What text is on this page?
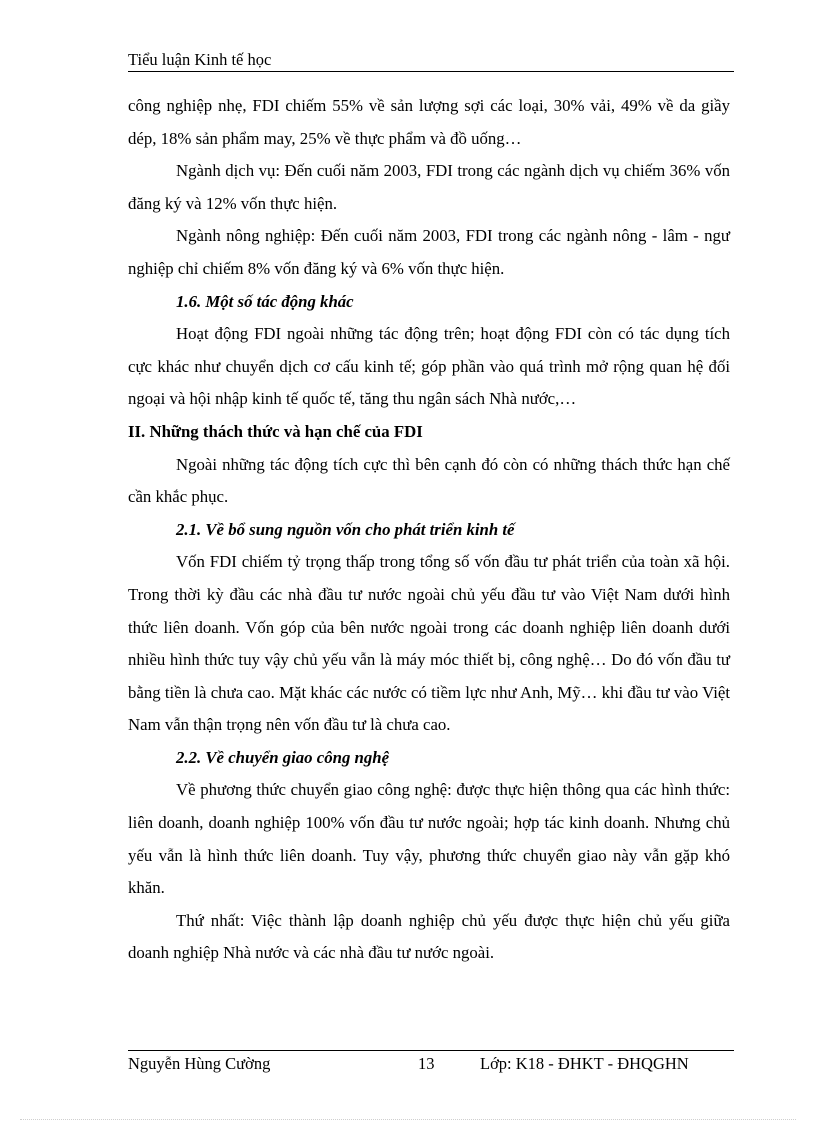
Tiểu luận Kinh tế học

công nghiệp nhẹ, FDI chiếm 55% về sản lượng sợi các loại, 30% vải, 49% về da giầy dép, 18% sản phẩm may, 25% về thực phẩm và đồ uống…

Ngành dịch vụ: Đến cuối năm 2003, FDI trong các ngành dịch vụ chiếm 36% vốn đăng ký và 12% vốn thực hiện.

Ngành nông nghiệp: Đến cuối năm 2003, FDI trong các ngành nông - lâm - ngư nghiệp chỉ chiếm 8% vốn đăng ký và 6% vốn thực hiện.

1.6. Một số tác động khác

Hoạt động FDI ngoài những tác động trên; hoạt động FDI còn có tác dụng tích cực khác như chuyển dịch cơ cấu kinh tế; góp phần vào quá trình mở rộng quan hệ đối ngoại và hội nhập kinh tế quốc tế, tăng thu ngân sách Nhà nước,…

II. Những thách thức và hạn chế của FDI

Ngoài những tác động tích cực thì bên cạnh đó còn có những thách thức hạn chế cần khắc phục.

2.1. Về bổ sung nguồn vốn cho phát triển kinh tế

Vốn FDI chiếm tỷ trọng thấp trong tổng số vốn đầu tư phát triển của toàn xã hội. Trong thời kỳ đầu các nhà đầu tư nước ngoài chủ yếu đầu tư vào Việt Nam dưới hình thức liên doanh. Vốn góp của bên nước ngoài trong các doanh nghiệp liên doanh dưới nhiều hình thức tuy vậy chủ yếu vẫn là máy móc thiết bị, công nghệ… Do đó vốn đầu tư bằng tiền là chưa cao. Mặt khác các nước có tiềm lực như Anh, Mỹ… khi đầu tư vào Việt Nam vẫn thận trọng nên vốn đầu tư là chưa cao.

2.2. Về chuyển giao công nghệ

Về phương thức chuyển giao công nghệ: được thực hiện thông qua các hình thức: liên doanh, doanh nghiệp 100% vốn đầu tư nước ngoài; hợp tác kinh doanh. Nhưng chủ yếu vẫn là hình thức liên doanh. Tuy vậy, phương thức chuyển giao này vẫn gặp khó khăn.

Thứ nhất: Việc thành lập doanh nghiệp chủ yếu được thực hiện chủ yếu giữa doanh nghiệp Nhà nước và các nhà đầu tư nước ngoài.

Nguyễn Hùng Cường	13	Lớp: K18 - ĐHKT - ĐHQGHN
